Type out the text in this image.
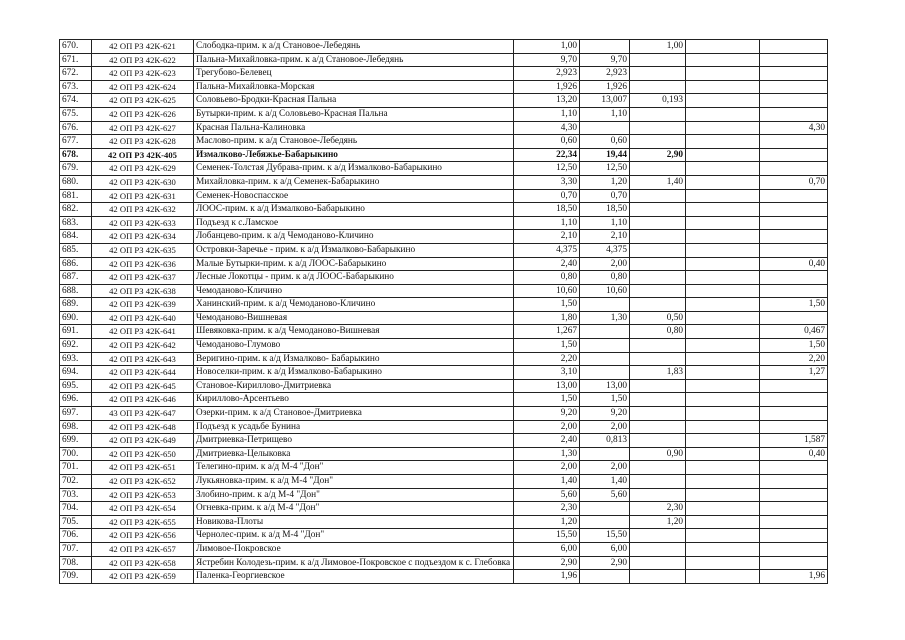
670.	42 ОП РЗ 42К-621	Слободка-прим. к а/д Становое-Лебедянь	1,00		1,00		
671.	42 ОП РЗ 42К-622	Пальна-Михайловка-прим. к а/д Становое-Лебедянь	9,70	9,70			
672.	42 ОП РЗ 42К-623	Трегубово-Белевец	2,923	2,923			
673.	42 ОП РЗ 42К-624	Пальна-Михайловка-Морская	1,926	1,926			
674.	42 ОП РЗ 42К-625	Соловьево-Бродки-Красная Пальна	13,20	13,007	0,193		
675.	42 ОП РЗ 42К-626	Бутырки-прим. к а/д Соловьево-Красная Пальна	1,10	1,10			
676.	42 ОП РЗ 42К-627	Красная Пальна-Калиновка	4,30				4,30
677.	42 ОП РЗ 42К-628	Маслово-прим. к а/д Становое-Лебедянь	0,60	0,60			
678.	42 ОП РЗ 42К-405	Измалково-Лебяжье-Бабарыкино	22,34	19,44	2,90		
679.	42 ОП РЗ 42К-629	Семенек-Толстая Дубрава-прим. к а/д Измалково-Бабарыкино	12,50	12,50			
680.	42 ОП РЗ 42К-630	Михайловка-прим. к а/д Семенек-Бабарыкино	3,30	1,20	1,40		0,70
681.	42 ОП РЗ 42К-631	Семенек-Новоспасское	0,70	0,70			
682.	42 ОП РЗ 42К-632	ЛООС-прим. к а/д Измалково-Бабарыкино	18,50	18,50			
683.	42 ОП РЗ 42К-633	Подъезд к с.Ламское	1,10	1,10			
684.	42 ОП РЗ 42К-634	Лобанцево-прим. к а/д Чемоданово-Кличино	2,10	2,10			
685.	42 ОП РЗ 42К-635	Островки-Заречье - прим. к а/д Измалково-Бабарыкино	4,375	4,375			
686.	42 ОП РЗ 42К-636	Малые Бутырки-прим. к а/д ЛООС-Бабарыкино	2,40	2,00			0,40
687.	42 ОП РЗ 42К-637	Лесные Локотцы - прим. к а/д ЛООС-Бабарыкино	0,80	0,80			
688.	42 ОП РЗ 42К-638	Чемоданово-Кличино	10,60	10,60			
689.	42 ОП РЗ 42К-639	Ханинский-прим. к а/д Чемоданово-Кличино	1,50				1,50
690.	42 ОП РЗ 42К-640	Чемоданово-Вишневая	1,80	1,30	0,50		
691.	42 ОП РЗ 42К-641	Шевяковка-прим. к а/д Чемоданово-Вишневая	1,267		0,80		0,467
692.	42 ОП РЗ 42К-642	Чемоданово-Глумово	1,50				1,50
693.	42 ОП РЗ 42К-643	Веригино-прим. к а/д Измалково- Бабарыкино	2,20				2,20
694.	42 ОП РЗ 42К-644	Новоселки-прим. к а/д Измалково-Бабарыкино	3,10		1,83		1,27
695.	42 ОП РЗ 42К-645	Становое-Кириллово-Дмитриевка	13,00	13,00			
696.	42 ОП РЗ 42К-646	Кириллово-Арсентьево	1,50	1,50			
697.	43 ОП РЗ 42К-647	Озерки-прим. к а/д Становое-Дмитриевка	9,20	9,20			
698.	42 ОП РЗ 42К-648	Подъезд к усадьбе Бунина	2,00	2,00			
699.	42 ОП РЗ 42К-649	Дмитриевка-Петрищево	2,40	0,813			1,587
700.	42 ОП РЗ 42К-650	Дмитриевка-Целыковка	1,30		0,90		0,40
701.	42 ОП РЗ 42К-651	Телегино-прим. к а/д М-4 "Дон"	2,00	2,00			
702.	42 ОП РЗ 42К-652	Лукьяновка-прим. к а/д М-4 "Дон"	1,40	1,40			
703.	42 ОП РЗ 42К-653	Злобино-прим. к а/д М-4 "Дон"	5,60	5,60			
704.	42 ОП РЗ 42К-654	Огневка-прим. к а/д М-4 "Дон"	2,30		2,30		
705.	42 ОП РЗ 42К-655	Новикова-Плоты	1,20		1,20		
706.	42 ОП РЗ 42К-656	Чернолес-прим. к а/д М-4 "Дон"	15,50	15,50			
707.	42 ОП РЗ 42К-657	Лимовое-Покровское	6,00	6,00			
708.	42 ОП РЗ 42К-658	Ястребин Колодезь-прим. к а/д Лимовое-Покровское с подъездом к с. Глебовка	2,90	2,90			
709.	42 ОП РЗ 42К-659	Паленка-Георгиевское	1,96				1,96
